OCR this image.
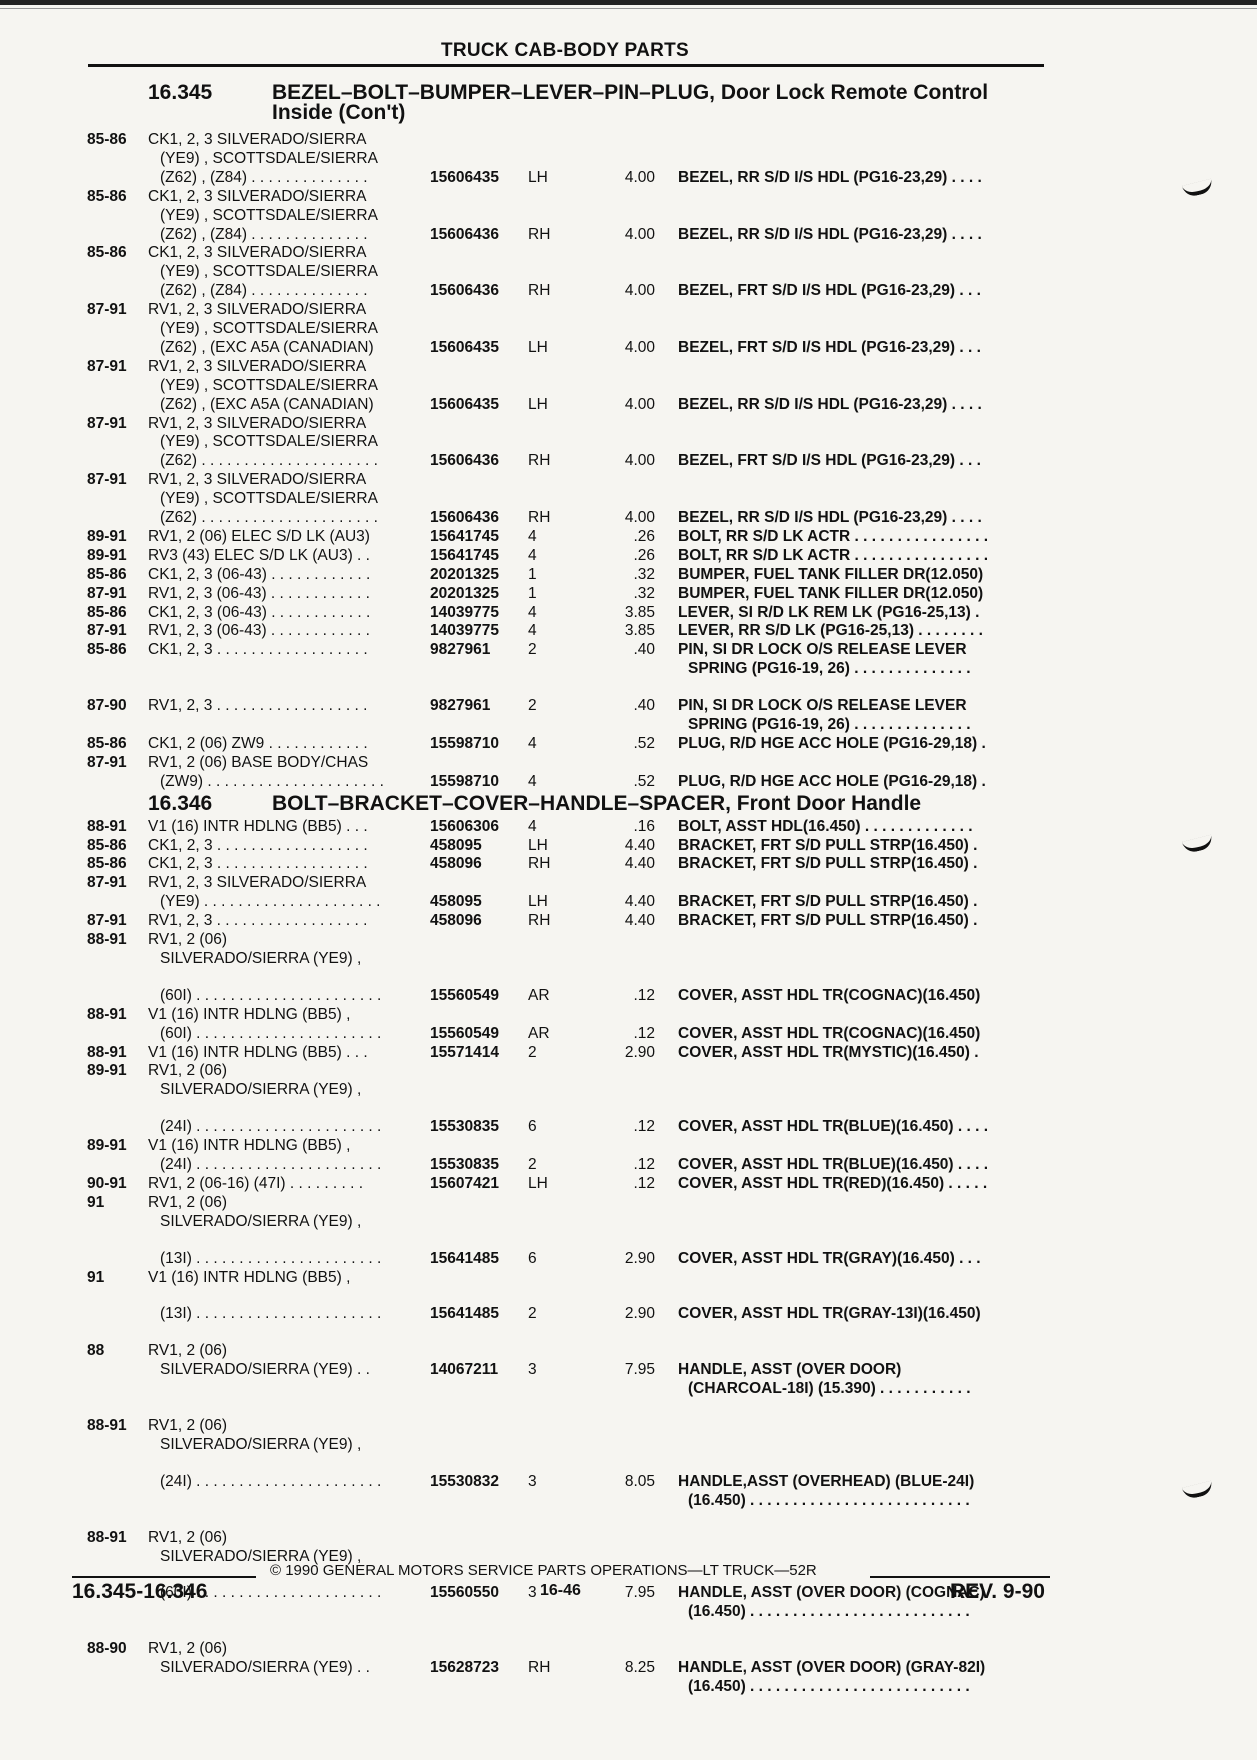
TRUCK CAB-BODY PARTS
16.345	BEZEL–BOLT–BUMPER–LEVER–PIN–PLUG, Door Lock Remote Control
Inside (Con't)
85-86 CK1, 2, 3 SILVERADO/SIERRA
(YE9) , SCOTTSDALE/SIERRA
(Z62) , (Z84) . . . . . . . . . . . . . .	15606435 LH	4.00 BEZEL, RR S/D I/S HDL (PG16-23,29) . . . .
85-86 CK1, 2, 3 SILVERADO/SIERRA
(YE9) , SCOTTSDALE/SIERRA
(Z62) , (Z84) . . . . . . . . . . . . . .	15606436 RH	4.00 BEZEL, RR S/D I/S HDL (PG16-23,29) . . . .
85-86 CK1, 2, 3 SILVERADO/SIERRA
(YE9) , SCOTTSDALE/SIERRA
(Z62) , (Z84) . . . . . . . . . . . . . .	15606436 RH	4.00 BEZEL, FRT S/D I/S HDL (PG16-23,29) . . .
87-91 RV1, 2, 3 SILVERADO/SIERRA
(YE9) , SCOTTSDALE/SIERRA
(Z62) , (EXC A5A (CANADIAN)	15606435 LH	4.00 BEZEL, FRT S/D I/S HDL (PG16-23,29) . . .
87-91 RV1, 2, 3 SILVERADO/SIERRA
(YE9) , SCOTTSDALE/SIERRA
(Z62) , (EXC A5A (CANADIAN)	15606435 LH	4.00 BEZEL, RR S/D I/S HDL (PG16-23,29) . . . .
87-91 RV1, 2, 3 SILVERADO/SIERRA
(YE9) , SCOTTSDALE/SIERRA
(Z62) . . . . . . . . . . . . . . . . . . . . .	15606436 RH	4.00 BEZEL, FRT S/D I/S HDL (PG16-23,29) . . .
87-91 RV1, 2, 3 SILVERADO/SIERRA
(YE9) , SCOTTSDALE/SIERRA
(Z62) . . . . . . . . . . . . . . . . . . . . .	15606436 RH	4.00 BEZEL, RR S/D I/S HDL (PG16-23,29) . . . .
89-91 RV1, 2 (06) ELEC S/D LK (AU3)	15641745 4	.26 BOLT, RR S/D LK ACTR . . . . . . . . . . . . . . . .
89-91 RV3 (43) ELEC S/D LK (AU3) . .	15641745 4	.26 BOLT, RR S/D LK ACTR . . . . . . . . . . . . . . . .
85-86 CK1, 2, 3 (06-43) . . . . . . . . . . . .	20201325 1	.32 BUMPER, FUEL TANK FILLER DR(12.050)
87-91 RV1, 2, 3 (06-43) . . . . . . . . . . . .	20201325 1	.32 BUMPER, FUEL TANK FILLER DR(12.050)
85-86 CK1, 2, 3 (06-43) . . . . . . . . . . . .	14039775 4	3.85 LEVER, SI R/D LK REM LK (PG16-25,13) .
87-91 RV1, 2, 3 (06-43) . . . . . . . . . . . .	14039775 4	3.85 LEVER, RR S/D LK (PG16-25,13) . . . . . . . .
85-86 CK1, 2, 3 . . . . . . . . . . . . . . . . . .	9827961 2	.40 PIN, SI DR LOCK O/S RELEASE LEVER
SPRING (PG16-19, 26) . . . . . . . . . . . . . .
87-90 RV1, 2, 3 . . . . . . . . . . . . . . . . . .	9827961 2	.40 PIN, SI DR LOCK O/S RELEASE LEVER
SPRING (PG16-19, 26) . . . . . . . . . . . . . .
85-86 CK1, 2 (06) ZW9 . . . . . . . . . . . .	15598710 4	.52 PLUG, R/D HGE ACC HOLE (PG16-29,18) .
87-91 RV1, 2 (06) BASE BODY/CHAS
(ZW9) . . . . . . . . . . . . . . . . . . . . .	15598710 4	.52 PLUG, R/D HGE ACC HOLE (PG16-29,18) .
16.346	BOLT–BRACKET–COVER–HANDLE–SPACER, Front Door Handle
88-91 V1 (16) INTR HDLNG (BB5) . . .	15606306 4	.16 BOLT, ASST HDL(16.450) . . . . . . . . . . . . .
85-86 CK1, 2, 3 . . . . . . . . . . . . . . . . . .	458095	LH	4.40 BRACKET, FRT S/D PULL STRP(16.450) .
85-86 CK1, 2, 3 . . . . . . . . . . . . . . . . . .	458096	RH	4.40 BRACKET, FRT S/D PULL STRP(16.450) .
87-91 RV1, 2, 3 SILVERADO/SIERRA
(YE9) . . . . . . . . . . . . . . . . . . . . .	458095	LH	4.40 BRACKET, FRT S/D PULL STRP(16.450) .
87-91 RV1, 2, 3 . . . . . . . . . . . . . . . . . .	458096	RH	4.40 BRACKET, FRT S/D PULL STRP(16.450) .
88-91 RV1, 2 (06)
SILVERADO/SIERRA (YE9) ,
(60I) . . . . . . . . . . . . . . . . . . . . . .	15560549 AR	.12 COVER, ASST HDL TR(COGNAC)(16.450)
88-91 V1 (16) INTR HDLNG (BB5) ,
(60I) . . . . . . . . . . . . . . . . . . . . . .	15560549 AR	.12 COVER, ASST HDL TR(COGNAC)(16.450)
88-91 V1 (16) INTR HDLNG (BB5) . . .	15571414 2	2.90 COVER, ASST HDL TR(MYSTIC)(16.450) .
89-91 RV1, 2 (06)
SILVERADO/SIERRA (YE9) ,
(24I) . . . . . . . . . . . . . . . . . . . . . .	15530835 6	.12 COVER, ASST HDL TR(BLUE)(16.450) . . . .
89-91 V1 (16) INTR HDLNG (BB5) ,
(24I) . . . . . . . . . . . . . . . . . . . . . .	15530835 2	.12 COVER, ASST HDL TR(BLUE)(16.450) . . . .
90-91 RV1, 2 (06-16) (47I) . . . . . . . . .	15607421 LH	.12 COVER, ASST HDL TR(RED)(16.450) . . . . .
91	RV1, 2 (06)
SILVERADO/SIERRA (YE9) ,
(13I) . . . . . . . . . . . . . . . . . . . . . .	15641485 6	2.90 COVER, ASST HDL TR(GRAY)(16.450) . . .
91	V1 (16) INTR HDLNG (BB5) ,
(13I) . . . . . . . . . . . . . . . . . . . . . .	15641485 2	2.90 COVER, ASST HDL TR(GRAY-13I)(16.450)
88	RV1, 2 (06)
SILVERADO/SIERRA (YE9) . .	14067211 3	7.95 HANDLE, ASST (OVER DOOR)
(CHARCOAL-18I) (15.390) . . . . . . . . . . .
88-91 RV1, 2 (06)
SILVERADO/SIERRA (YE9) ,
(24I) . . . . . . . . . . . . . . . . . . . . . .	15530832 3	8.05 HANDLE,ASST (OVERHEAD) (BLUE-24I)
(16.450) . . . . . . . . . . . . . . . . . . . . . . . . . .
88-91 RV1, 2 (06)
SILVERADO/SIERRA (YE9) ,
(60I) . . . . . . . . . . . . . . . . . . . . . .	15560550 3	7.95 HANDLE, ASST (OVER DOOR) (COGNAC)
(16.450) . . . . . . . . . . . . . . . . . . . . . . . . . .
88-90 RV1, 2 (06)
SILVERADO/SIERRA (YE9) . .	15628723 RH	8.25 HANDLE, ASST (OVER DOOR) (GRAY-82I)
(16.450) . . . . . . . . . . . . . . . . . . . . . . . . . .
© 1990 GENERAL MOTORS SERVICE PARTS OPERATIONS—LT TRUCK—52R
16.345-16.346	16-46	REV. 9-90
